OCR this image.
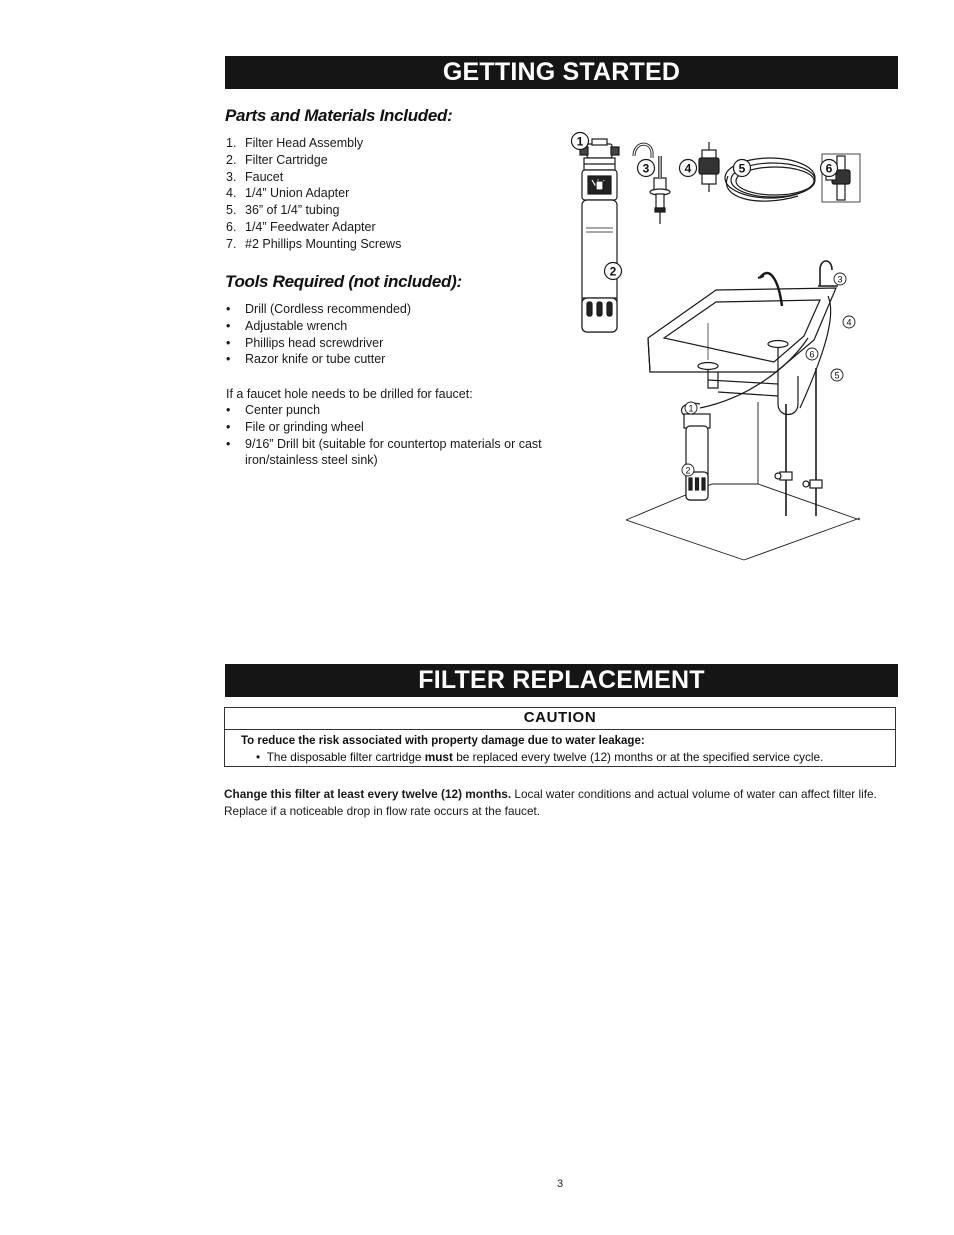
GETTING STARTED
Parts and Materials Included:
1. Filter Head Assembly
2. Filter Cartridge
3. Faucet
4. 1/4” Union Adapter
5. 36” of 1/4” tubing
6. 1/4” Feedwater Adapter
7. #2 Phillips Mounting Screws
Tools Required (not included):
• Drill (Cordless recommended)
• Adjustable wrench
• Phillips head screwdriver
• Razor knife or tube cutter
If a faucet hole needs to be drilled for faucet:
• Center punch
• File or grinding wheel
• 9/16” Drill bit (suitable for countertop materials or cast iron/stainless steel sink)
1
2
3	4	5	6
1
2
3
4
5
6
FILTER REPLACEMENT
CAUTION
To reduce the risk associated with property damage due to water leakage:
• The disposable filter cartridge must be replaced every twelve (12) months or at the specified service cycle.
Change this filter at least every twelve (12) months. Local water conditions and actual volume of water can affect filter life. Replace if a noticeable drop in flow rate occurs at the faucet.
3
